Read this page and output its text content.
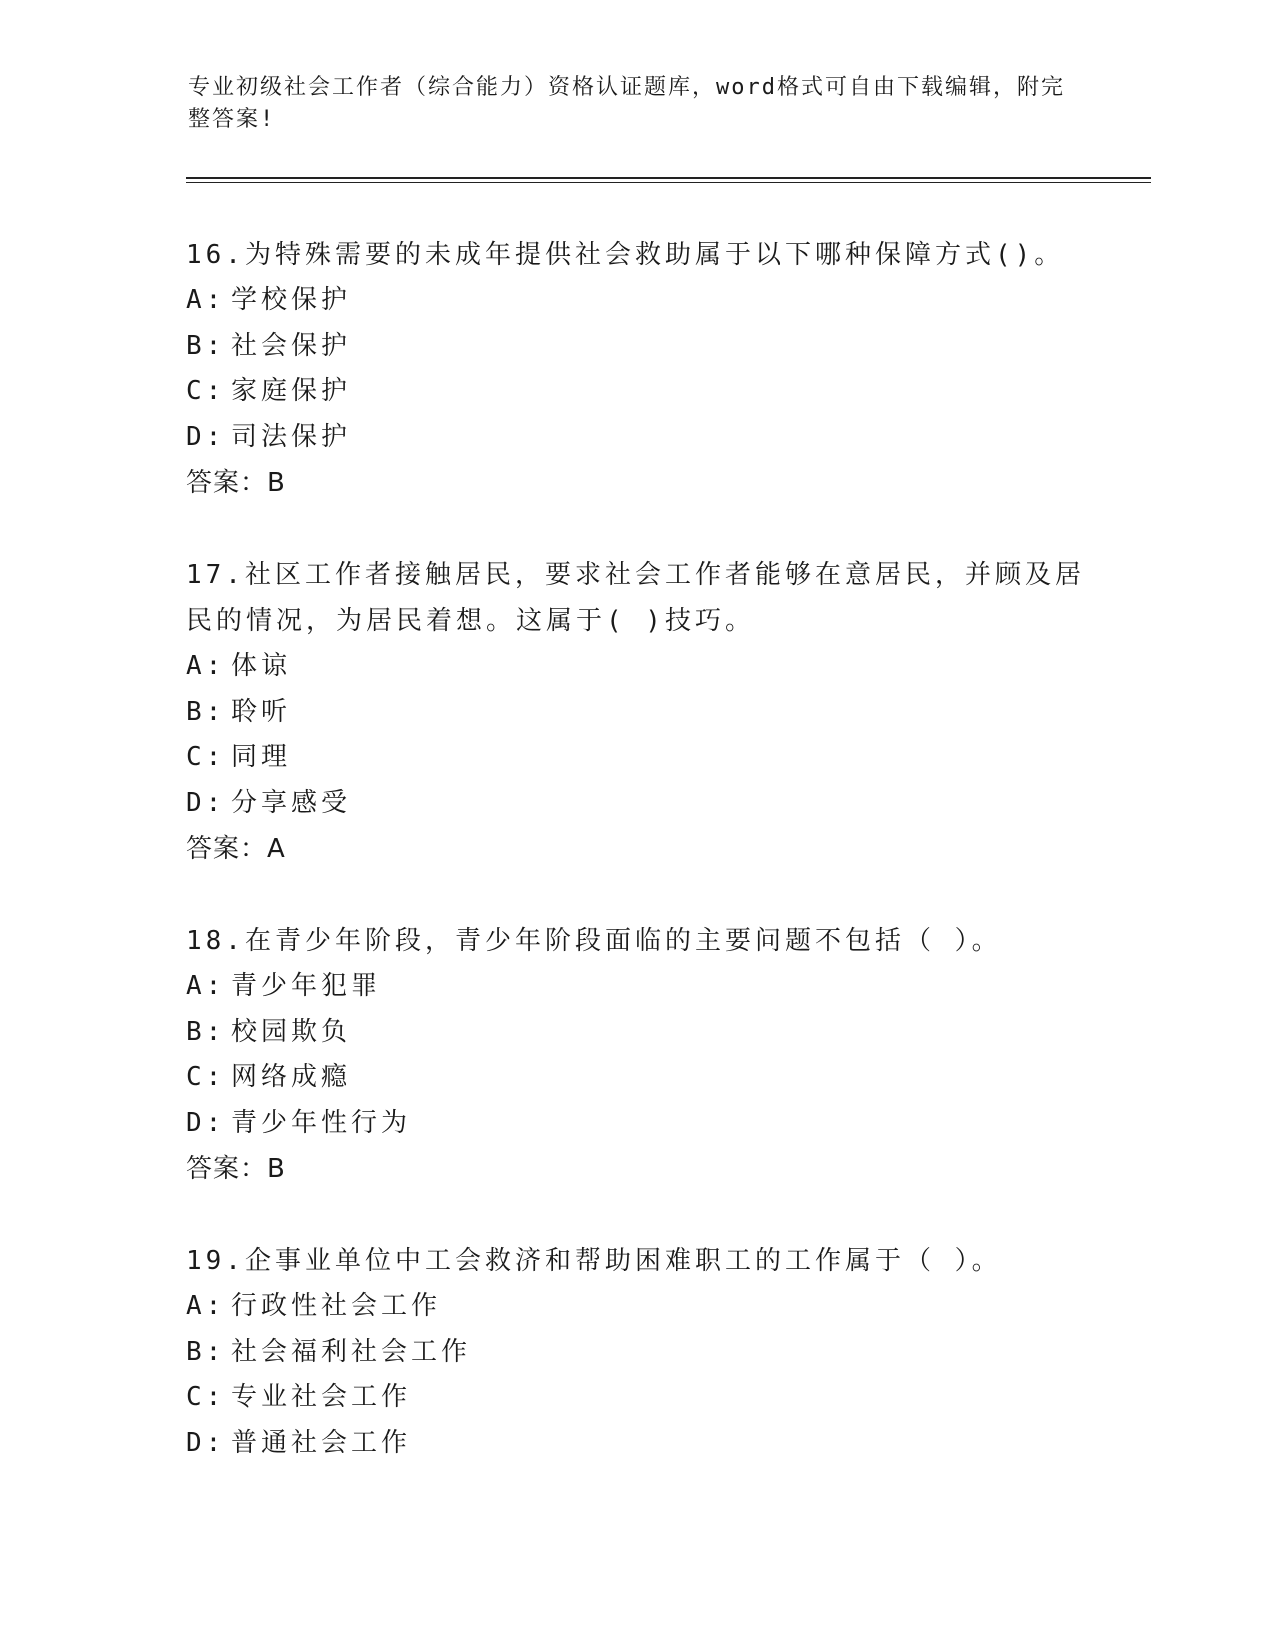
专业初级社会工作者（综合能力）资格认证题库，word格式可自由下载编辑，附完整答案!

16.为特殊需要的未成年提供社会救助属于以下哪种保障方式()。

A: 学校保护

B: 社会保护

C: 家庭保护

D: 司法保护

答案：B

17.社区工作者接触居民，要求社会工作者能够在意居民，并顾及居民的情况，为居民着想。这属于( )技巧。

A: 体谅

B: 聆听

C: 同理

D: 分享感受

答案：A

18.在青少年阶段，青少年阶段面临的主要问题不包括（ ）。

A: 青少年犯罪

B: 校园欺负

C: 网络成瘾

D: 青少年性行为

答案：B

19.企事业单位中工会救济和帮助困难职工的工作属于（ ）。

A: 行政性社会工作

B: 社会福利社会工作

C: 专业社会工作

D: 普通社会工作
